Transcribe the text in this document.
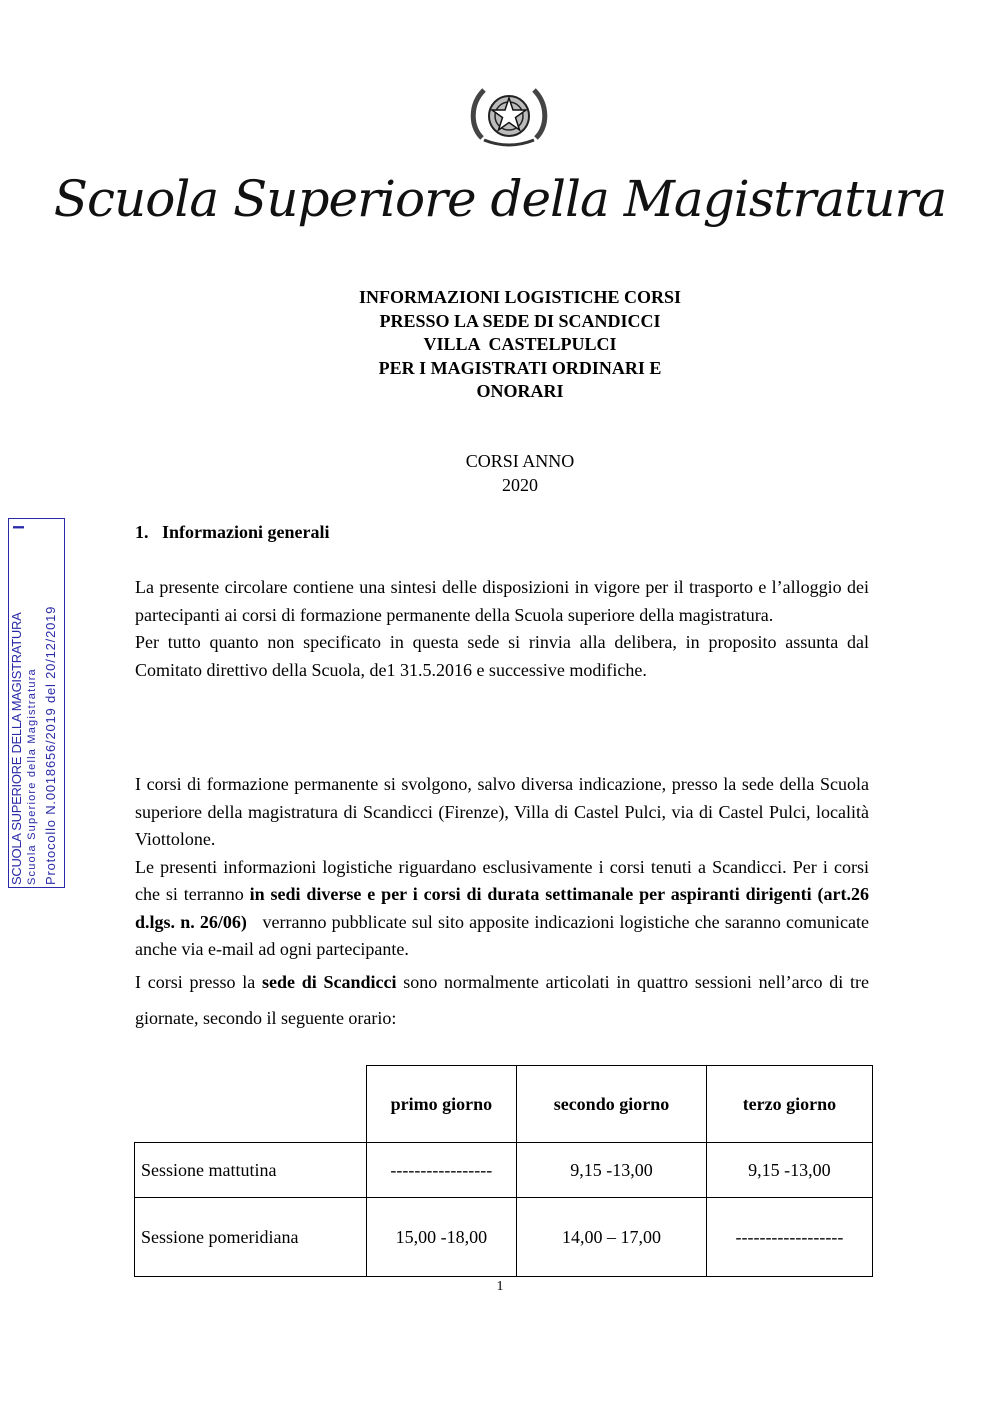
Scuola Superiore della Magistratura
INFORMAZIONI LOGISTICHE CORSI
PRESSO LA SEDE DI SCANDICCI
VILLA  CASTELPULCI
PER I MAGISTRATI ORDINARI E
ONORARI
CORSI ANNO
2020
SCUOLA SUPERIORE DELLA MAGISTRATURA Scuola Superiore della Magistratura Protocollo N.0018656/2019 del 20/12/2019
I	1.   Informazioni generali

La presente circolare contiene una sintesi delle disposizioni in vigore per il trasporto e l’alloggio dei partecipanti ai corsi di formazione permanente della Scuola superiore della magistratura.

Per tutto quanto non specificato in questa sede si rinvia alla delibera, in proposito assunta dal Comitato direttivo della Scuola, de1 31.5.2016 e successive modifiche.

I corsi di formazione permanente si svolgono, salvo diversa indicazione, presso la sede della Scuola superiore della magistratura di Scandicci (Firenze), Villa di Castel Pulci, via di Castel Pulci, località Viottolone.

Le presenti informazioni logistiche riguardano esclusivamente i corsi tenuti a Scandicci. Per i corsi che si terranno in sedi diverse e per i corsi di durata settimanale per aspiranti dirigenti (art.26 d.lgs. n. 26/06)   verranno pubblicate sul sito apposite indicazioni logistiche che saranno comunicate anche via e-mail ad ogni partecipante.

I corsi presso la sede di Scandicci sono normalmente articolati in quattro sessioni nell’arco di tre giornate, secondo il seguente orario:

	primo giorno	secondo giorno	terzo giorno
Sessione mattutina	-----------------	9,15 -13,00	9,15 -13,00
Sessione pomeridiana	15,00 -18,00	14,00 – 17,00	------------------
1
